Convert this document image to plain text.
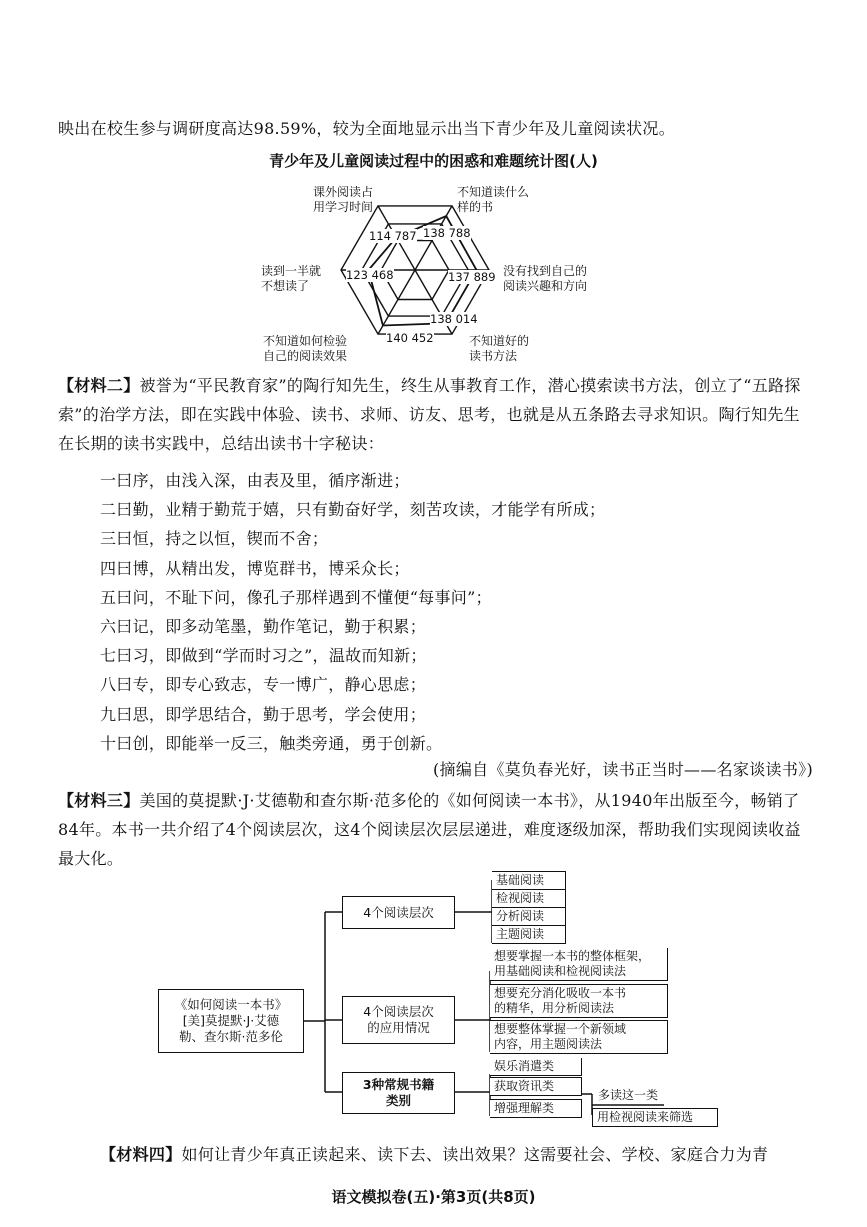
映出在校生参与调研度高达98.59%，较为全面地显示出当下青少年及儿童阅读状况。
青少年及儿童阅读过程中的困惑和难题统计图(人)
不知道读什么
样的书
138 788
没有找到自己的
阅读兴趣和方向
137 889
不知道好的
读书方法
138 014
不知道如何检验
自己的阅读效果
140 452
读到一半就
不想读了
123 468
课外阅读占
用学习时间
114 787
【材料二】被誉为“平民教育家”的陶行知先生，终生从事教育工作，潜心摸索读书方法，创立了“五路探索”的治学方法，即在实践中体验、读书、求师、访友、思考，也就是从五条路去寻求知识。陶行知先生在长期的读书实践中，总结出读书十字秘诀：
一曰序，由浅入深，由表及里，循序渐进；
二曰勤，业精于勤荒于嬉，只有勤奋好学，刻苦攻读，才能学有所成；
三曰恒，持之以恒，锲而不舍；
四曰博，从精出发，博览群书，博采众长；
五曰问，不耻下问，像孔子那样遇到不懂便“每事问”；
六曰记，即多动笔墨，勤作笔记，勤于积累；
七曰习，即做到“学而时习之”，温故而知新；
八曰专，即专心致志，专一博广，静心思虑；
九曰思，即学思结合，勤于思考，学会使用；
十曰创，即能举一反三，触类旁通，勇于创新。
(摘编自《莫负春光好，读书正当时——名家谈读书》)
【材料三】美国的莫提默·J·艾德勒和查尔斯·范多伦的《如何阅读一本书》，从1940年出版至今，畅销了84年。本书一共介绍了4个阅读层次，这4个阅读层次层层递进，难度逐级加深，帮助我们实现阅读收益最大化。
《如何阅读一本书》
[美]莫提默·J·艾德
勒、查尔斯·范多伦
4个阅读层次
4个阅读层次
的应用情况
3种常规书籍
类别
基础阅读
检视阅读
分析阅读
主题阅读
想要掌握一本书的整体框架，
用基础阅读和检视阅读法
想要充分消化吸收一本书
的精华，用分析阅读法
想要整体掌握一个新领域
内容，用主题阅读法
娱乐消遣类
获取资讯类
增强理解类
多读这一类
用检视阅读来筛选
【材料四】如何让青少年真正读起来、读下去、读出效果？这需要社会、学校、家庭合力为青
语文模拟卷(五)·第3页(共8页)
